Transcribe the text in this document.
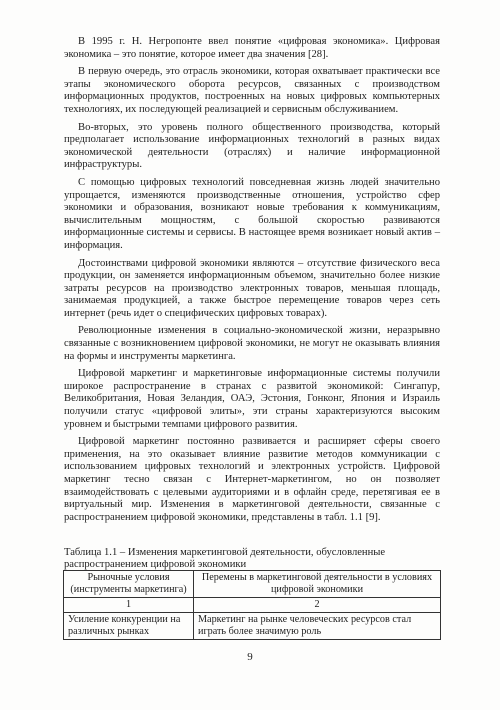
В 1995 г. Н. Негропонте ввел понятие «цифровая экономика». Цифровая экономика – это понятие, которое имеет два значения [28].

В первую очередь, это отрасль экономики, которая охватывает практически все этапы экономического оборота ресурсов, связанных с производством информационных продуктов, построенных на новых цифровых компьютерных технологиях, их последующей реализацией и сервисным обслуживанием.

Во-вторых, это уровень полного общественного производства, который предполагает использование информационных технологий в разных видах экономической деятельности (отраслях) и наличие информационной инфраструктуры.

С помощью цифровых технологий повседневная жизнь людей значительно упрощается, изменяются производственные отношения, устройство сфер экономики и образования, возникают новые требования к коммуникациям, вычислительным мощностям, с большой скоростью развиваются информационные системы и сервисы. В настоящее время возникает новый актив – информация.

Достоинствами цифровой экономики являются – отсутствие физического веса продукции, он заменяется информационным объемом, значительно более низкие затраты ресурсов на производство электронных товаров, меньшая площадь, занимаемая продукцией, а также быстрое перемещение товаров через сеть интернет (речь идет о специфических цифровых товарах).

Революционные изменения в социально-экономической жизни, неразрывно связанные с возникновением цифровой экономики, не могут не оказывать влияния на формы и инструменты маркетинга.

Цифровой маркетинг и маркетинговые информационные системы получили широкое распространение в странах с развитой экономикой: Сингапур, Великобритания, Новая Зеландия, ОАЭ, Эстония, Гонконг, Япония и Израиль получили статус «цифровой элиты», эти страны характеризуются высоким уровнем и быстрыми темпами цифрового развития.

Цифровой маркетинг постоянно развивается и расширяет сферы своего применения, на это оказывает влияние развитие методов коммуникации с использованием цифровых технологий и электронных устройств. Цифровой маркетинг тесно связан с Интернет-маркетингом, но он позволяет взаимодействовать с целевыми аудиториями и в офлайн среде, перетягивая ее в виртуальный мир. Изменения в маркетинговой деятельности, связанные с распространением цифровой экономики, представлены в табл. 1.1 [9].

Таблица 1.1 – Изменения маркетинговой деятельности, обусловленные распространением цифровой экономики
Рыночные условия (инструменты маркетинга)	Перемены в маркетинговой деятельности в условиях цифровой экономики
1	2
Усиление конкуренции на различных рынках	Маркетинг на рынке человеческих ресурсов стал играть более значимую роль
9
